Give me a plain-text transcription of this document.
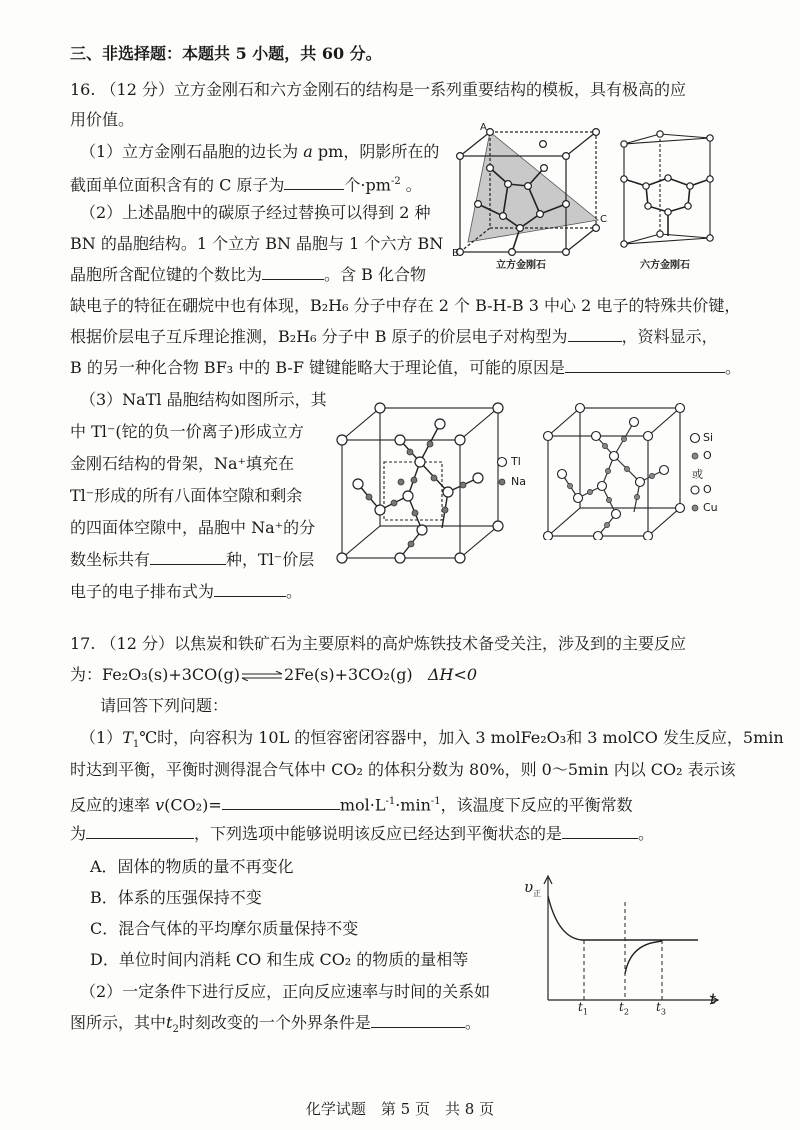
三、非选择题：本题共 5 小题，共 60 分。
16. （12 分）立方金刚石和六方金刚石的结构是一系列重要结构的模板，具有极高的应
用价值。
（1）立方金刚石晶胞的边长为 a pm，阴影所在的
截面单位面积含有的 C 原子为	个$\cdot pm^{-2}$ 。
（2）上述晶胞中的碳原子经过替换可以得到 2 种
BN 的晶胞结构。1 个立方 BN 晶胞与 1 个六方 BN
晶胞所含配位键的个数比为	。含 B 化合物
缺电子的特征在硼烷中也有体现，B₂H₆ 分子中存在 2 个 B-H-B 3 中心 2 电子的特殊共价键，
根据价层电子互斥理论推测，B₂H₆ 分子中 B 原子的价层电子对构型为	，资料显示，
B 的另一种化合物 BF₃ 中的 B-F 键键能略大于理论值，可能的原因是	。
（3）NaTl 晶胞结构如图所示，其
中 Tl⁻(铊的负一价离子)形成立方
金刚石结构的骨架，Na⁺填充在
Tl⁻形成的所有八面体空隙和剩余
的四面体空隙中，晶胞中 Na⁺的分
数坐标共有	种，Tl⁻价层
电子的电子排布式为	。
A
B
C
立方金刚石	六方金刚石
Tl
Na
Si
O
或
O
Cu
17. （12 分）以焦炭和铁矿石为主要原料的高炉炼铁技术备受关注，涉及到的主要反应
为：Fe₂O₃(s)+3CO(g)⇌2Fe(s)+3CO₂(g) ΔH<0
请回答下列问题：
$(1)T_1℃$时，向容积为 10L 的恒容密闭容器中，加入 3 molFe₂O₃和 3 molCO 发生反应，5min
时达到平衡，平衡时测得混合气体中 CO₂ 的体积分数为 80%，则 0～5min 内以 CO₂ 表示该
反应的速率 v(CO₂)=	$mol\cdot L^{-1}\cdot\min^{-1}$，该温度下反应的平衡常数
为	，下列选项中能够说明该反应已经达到平衡状态的是	。
A．固体的物质的量不再变化
B．体系的压强保持不变
C．混合气体的平均摩尔质量保持不变
D．单位时间内消耗 CO 和生成 CO₂ 的物质的量相等
（2）一定条件下进行反应，正向反应速率与时间的关系如
图所示，其中$t_2$时刻改变的一个外界条件是	。
$\upsilon_正$
t
$t_1$	$t_2$ $t_3$
化学试题　第 5 页　共 8 页
